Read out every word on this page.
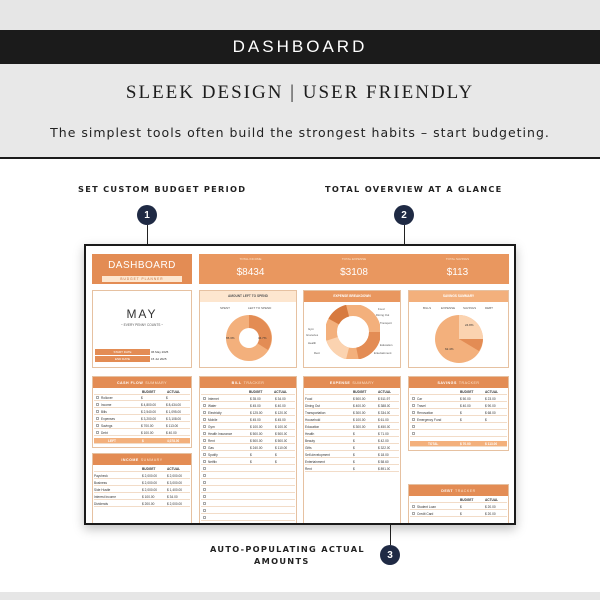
DASHBOARD
SLEEK DESIGN | USER FRIENDLY
The simplest tools often build the strongest habits – start budgeting.
SET CUSTOM BUDGET PERIOD	TOTAL OVERVIEW AT A GLANCE
1	2
AUTO-POPULATING ACTUAL
AMOUNTS
3
DASHBOARD
BUDGET PLANNER
TOTAL INCOME
$8434
TOTAL EXPENSE
$3108
TOTAL SAVINGS
$113
MAY
~ EVERY PENNY COUNTS ~
START DATE	06 May 2025
END DATE	15 Jul 2025
AMOUNT LEFT TO SPEND
SPENT	LEFT TO SPEND
65.3%	34.7%
EXPENSE BREAKDOWN
Food
Dining Out
Transport
Gym
Groceries
Health	Education
Entertainment
Rent
SAVINGS SUMMARY
BILLS	EXPENSE	SAVINGS	DEBT
62.4%
24.8%
CASH FLOW SUMMARY
BUDGET	ACTUAL
Rollover	$	$
Income	$ 4,800.00	$ 8,434.00
Bills	$ 2,540.00	$ 1,095.00
Expenses	$ 3,200.00	$ 3,108.00
Savings	$ 700.00	$ 113.00
Debt	$ 100.00	$ 40.00
LEFT	$	4,078.00
INCOME SUMMARY
BUDGET	ACTUAL
Paycheck	$ 2,000.00	$ 2,000.00
Business	$ 2,000.00	$ 3,000.00
Side Hustle	$ 2,000.00	$ 1,400.00
Interest Income	$ 100.00	$ 34.00
Dividends	$ 200.00	$ 2,000.00
BILL TRACKER
BUDGET	ACTUAL
Internet	$ 35.00	$ 34.00
Water	$ 45.00	$ 40.00
Electricity	$ 125.00	$ 120.00
Mobile	$ 45.00	$ 45.00
Gym	$ 100.00	$ 100.00
Health Insurance	$ 500.00	$ 500.00
Rent	$ 500.00	$ 500.00
Gas	$ 240.00	$ 110.00
Spotify	$	$
Netflix	$	$
EXPENSE SUMMARY
BUDGET	ACTUAL
Food	$ 500.00	$ 511.97
Dining Out	$ 400.00	$ 388.00
Transportation	$ 300.00	$ 334.00
Household	$ 100.00	$ 61.00
Education	$ 300.00	$ 450.00
Health	$	$ 71.00
Beauty	$	$ 42.00
Gifts	$	$ 322.00
Self-development	$	$ 18.00
Entertainment	$	$ 58.60
Rent	$	$ 891.00
SAVINGS TRACKER
BUDGET	ACTUAL
Car	$ 50.00	$ 23.00
Travel	$ 40.00	$ 90.00
Renovation	$	$ 68.00
Emergency Fund	$	$
TOTAL	$ 70.00	$ 113.00
DEBT TRACKER
BUDGET	ACTUAL
Student Loan	$	$ 20.00
Credit Card	$	$ 20.00
